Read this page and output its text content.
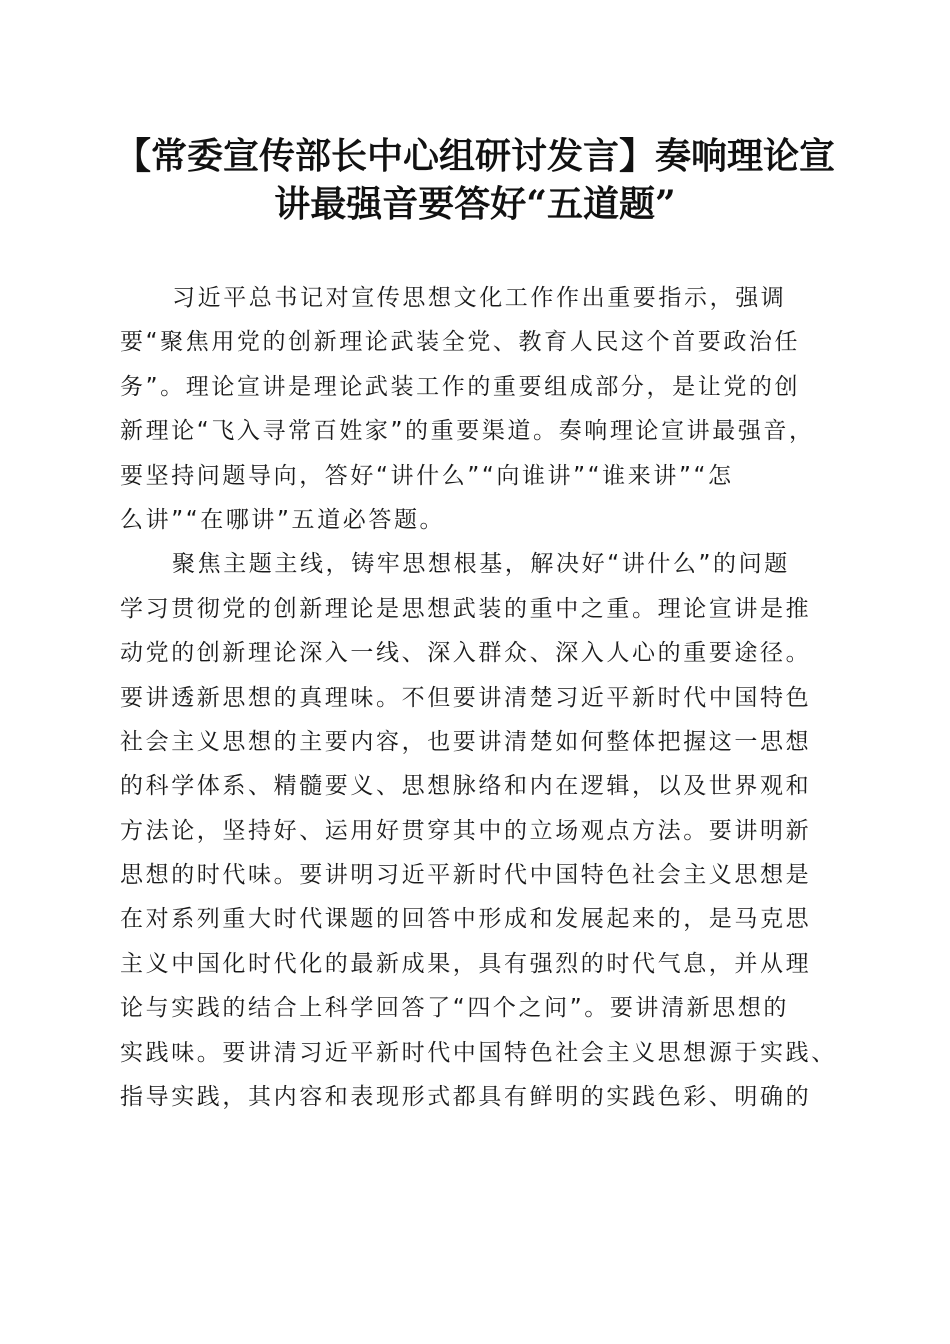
【常委宣传部长中心组研讨发言】奏响理论宣
讲最强音要答好“五道题”
习近平总书记对宣传思想文化工作作出重要指示，强调
要“聚焦用党的创新理论武装全党、教育人民这个首要政治任
务”。理论宣讲是理论武装工作的重要组成部分，是让党的创
新理论“飞入寻常百姓家”的重要渠道。奏响理论宣讲最强音，
要坚持问题导向，答好“讲什么”“向谁讲”“谁来讲”“怎
么讲”“在哪讲”五道必答题。
聚焦主题主线，铸牢思想根基，解决好“讲什么”的问题
学习贯彻党的创新理论是思想武装的重中之重。理论宣讲是推
动党的创新理论深入一线、深入群众、深入人心的重要途径。
要讲透新思想的真理味。不但要讲清楚习近平新时代中国特色
社会主义思想的主要内容，也要讲清楚如何整体把握这一思想
的科学体系、精髓要义、思想脉络和内在逻辑，以及世界观和
方法论，坚持好、运用好贯穿其中的立场观点方法。要讲明新
思想的时代味。要讲明习近平新时代中国特色社会主义思想是
在对系列重大时代课题的回答中形成和发展起来的，是马克思
主义中国化时代化的最新成果，具有强烈的时代气息，并从理
论与实践的结合上科学回答了“四个之问”。要讲清新思想的
实践味。要讲清习近平新时代中国特色社会主义思想源于实践、
指导实践，其内容和表现形式都具有鲜明的实践色彩、明确的
